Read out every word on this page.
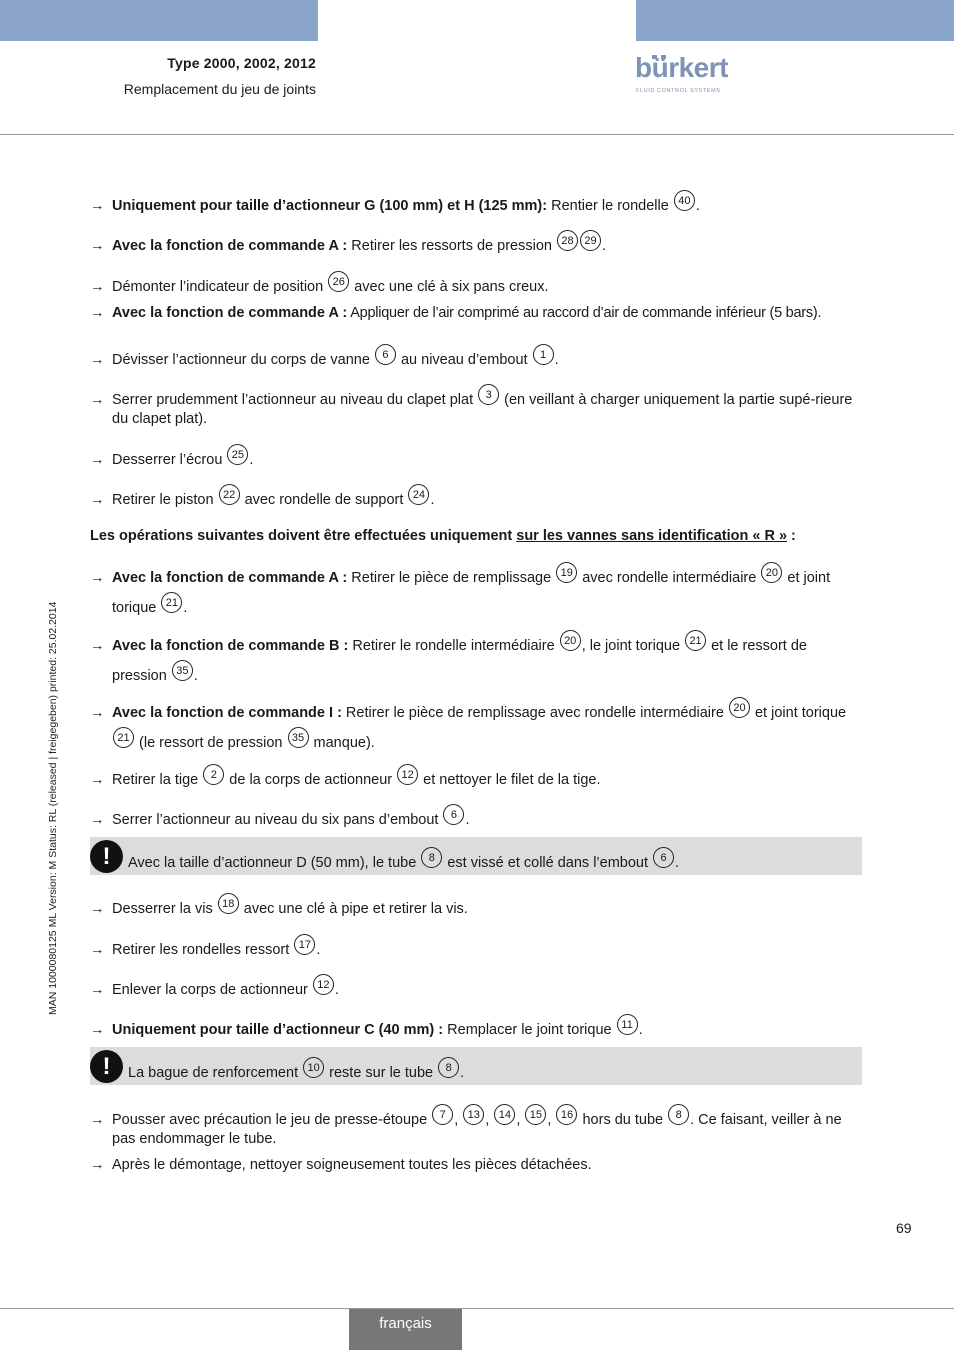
Type 2000, 2002, 2012
Remplacement du jeu de joints
bürkert
FLUID CONTROL SYSTEMS
MAN 1000080125 ML Version: M Status: RL (released | freigegeben) printed: 25.02.2014
→ Uniquement pour taille d’actionneur G (100 mm) et H (125 mm): Rentier le rondelle 40 .
→ Avec la fonction de commande A : Retirer les ressorts de pression 28 29 .
→ Démonter l’indicateur de position 26 avec une clé à six pans creux.
→ Avec la fonction de commande A : Appliquer de l’air comprimé au raccord d’air de commande inférieur (5 bars).
→ Dévisser l’actionneur du corps de vanne 6 au niveau d’embout 1 .
→ Serrer prudemment l’actionneur au niveau du clapet plat 3 (en veillant à charger uniquement la partie supé-rieure du clapet plat).
→ Desserrer l’écrou 25 .
→ Retirer le piston 22 avec rondelle de support 24 .
Les opérations suivantes doivent être effectuées uniquement sur les vannes sans identification « R » :
→ Avec la fonction de commande A : Retirer le pièce de remplissage 19 avec rondelle intermédiaire 20 et joint torique 21 .
→ Avec la fonction de commande B : Retirer le rondelle intermédiaire 20 , le joint torique 21 et le ressort de pression 35 .
→ Avec la fonction de commande I : Retirer le pièce de remplissage avec rondelle intermédiaire 20 et joint torique 21 (le ressort de pression 35 manque).
→ Retirer la tige 2 de la corps de actionneur 12 et nettoyer le filet de la tige.
→ Serrer l’actionneur au niveau du six pans d’embout 6 .
!	Avec la taille d’actionneur D (50 mm), le tube 8 est vissé et collé dans l’embout 6 .
→ Desserrer la vis 18 avec une clé à pipe et retirer la vis.
→ Retirer les rondelles ressort 17 .
→ Enlever la corps de actionneur 12 .
→ Uniquement pour taille d’actionneur C (40 mm) : Remplacer le joint torique 11 .
!	La bague de renforcement 10 reste sur le tube 8 .
→ Pousser avec précaution le jeu de presse-étoupe 7 , 13 , 14 , 15 , 16 hors du tube 8 . Ce faisant, veiller à ne pas endommager le tube.
→ Après le démontage, nettoyer soigneusement toutes les pièces détachées.
69
français
